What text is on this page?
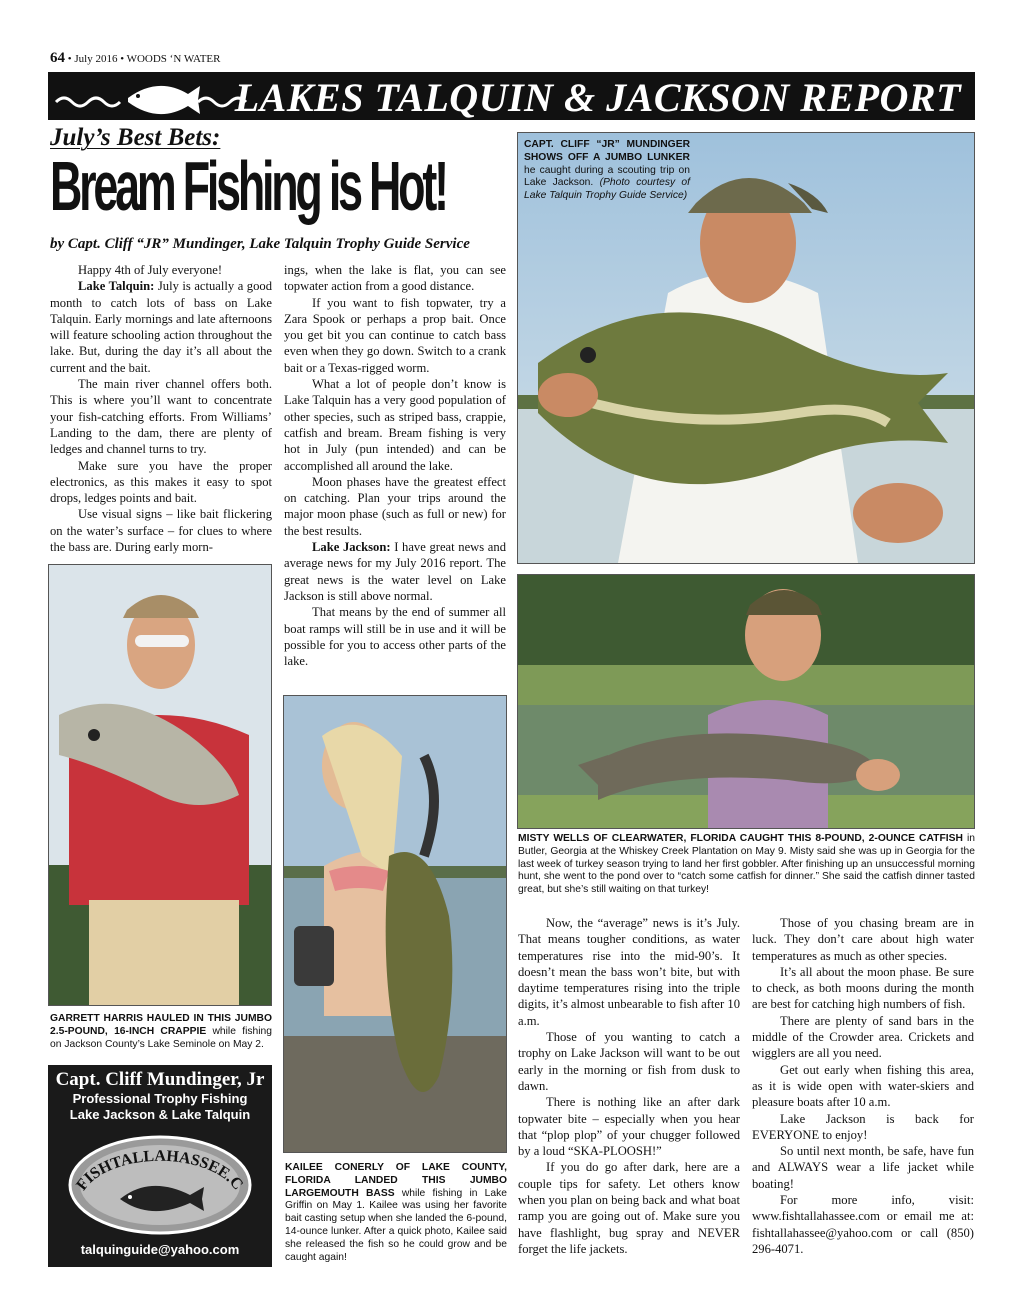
64 • July 2016 • WOODS ‘N WATER
LAKES TALQUIN & JACKSON REPORT
July’s Best Bets:
Bream Fishing is Hot!
by Capt. Cliff “JR” Mundinger, Lake Talquin Trophy Guide Service

Happy 4th of July everyone!

Lake Talquin: July is actually a good month to catch lots of bass on Lake Talquin. Early mornings and late afternoons will feature schooling action throughout the lake. But, during the day it’s all about the current and the bait.

The main river channel offers both. This is where you’ll want to concentrate your fish-catching efforts. From Williams’ Landing to the dam, there are plenty of ledges and channel turns to try.

Make sure you have the proper electronics, as this makes it easy to spot drops, ledges points and bait.

Use visual signs – like bait flickering on the water’s surface – for clues to where the bass are. During early morn-

ings, when the lake is flat, you can see topwater action from a good distance.

If you want to fish topwater, try a Zara Spook or perhaps a prop bait. Once you get bit you can continue to catch bass even when they go down. Switch to a crank bait or a Texas-rigged worm.

What a lot of people don’t know is Lake Talquin has a very good population of other species, such as striped bass, crappie, catfish and bream. Bream fishing is very hot in July (pun intended) and can be accomplished all around the lake.

Moon phases have the greatest effect on catching. Plan your trips around the major moon phase (such as full or new) for the best results.

Lake Jackson: I have great news and average news for my July 2016 report. The great news is the water level on Lake Jackson is still above normal.

That means by the end of summer all boat ramps will still be in use and it will be possible for you to access other parts of the lake.

CAPT. CLIFF “JR” MUNDINGER SHOWS OFF A JUMBO LUNKER he caught during a scouting trip on Lake Jackson. (Photo courtesy of Lake Talquin Trophy Guide Service)
MISTY WELLS OF CLEARWATER, FLORIDA CAUGHT THIS 8-POUND, 2-OUNCE CATFISH in Butler, Georgia at the Whiskey Creek Plantation on May 9. Misty said she was up in Georgia for the last week of turkey season trying to land her first gobbler. After finishing up an unsuccessful morning hunt, she went to the pond over to “catch some catfish for dinner.” She said the catfish dinner tasted great, but she’s still waiting on that turkey!
GARRETT HARRIS HAULED IN THIS JUMBO 2.5-POUND, 16-INCH CRAPPIE while fishing on Jackson County’s Lake Seminole on May 2.
KAILEE CONERLY OF LAKE COUNTY, FLORIDA LANDED THIS JUMBO LARGEMOUTH BASS while fishing in Lake Griffin on May 1. Kailee was using her favorite bait casting setup when she landed the 6-pound, 14-ounce lunker. After a quick photo, Kailee said she released the fish so he could grow and be caught again!

Now, the “average” news is it’s July. That means tougher conditions, as water temperatures rise into the mid-90’s. It doesn’t mean the bass won’t bite, but with daytime temperatures rising into the triple digits, it’s almost unbearable to fish after 10 a.m.

Those of you wanting to catch a trophy on Lake Jackson will want to be out early in the morning or fish from dusk to dawn.

There is nothing like an after dark topwater bite – especially when you hear that “plop plop” of your chugger followed by a loud “SKA-PLOOSH!”

If you do go after dark, here are a couple tips for safety. Let others know when you plan on being back and what boat ramp you are going out of. Make sure you have flashlight, bug spray and NEVER forget the life jackets.

Those of you chasing bream are in luck. They don’t care about high water temperatures as much as other species.

It’s all about the moon phase. Be sure to check, as both moons during the month are best for catching high numbers of fish.

There are plenty of sand bars in the middle of the Crowder area. Crickets and wigglers are all you need.

Get out early when fishing this area, as it is wide open with water-skiers and pleasure boats after 10 a.m.

Lake Jackson is back for EVERYONE to enjoy!

So until next month, be safe, have fun and ALWAYS wear a life jacket while boating!

For more info, visit: www.fishtallahassee.com or email me at: fishtallahassee@yahoo.com or call (850) 296-4071.

Capt. Cliff Mundinger, Jr
Professional Trophy Fishing
Lake Jackson & Lake Talquin
FISHTALLAHASSEE.C
talquinguide@yahoo.com
